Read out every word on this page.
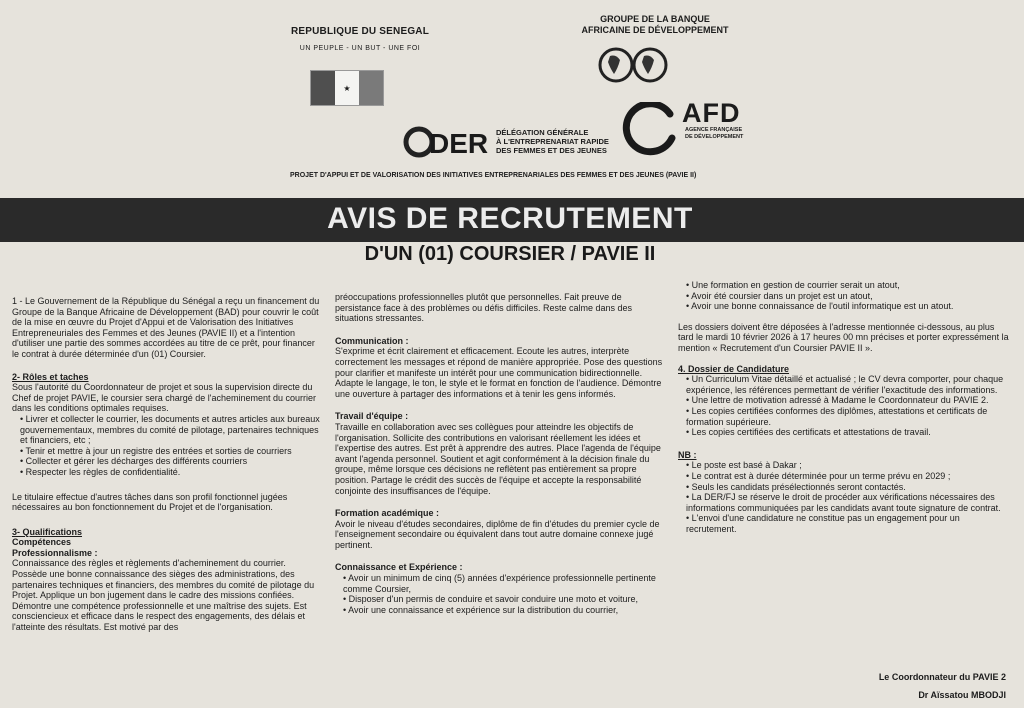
REPUBLIQUE DU SENEGAL
UN PEUPLE - UN BUT - UNE FOI
★
GROUPE DE LA BANQUE
AFRICAINE DE DÉVELOPPEMENT
DER DÉLÉGATION GÉNÉRALE
À L'ENTREPRENARIAT RAPIDE
DES FEMMES ET DES JEUNES
AFD
AGENCE FRANÇAISE
DE DÉVELOPPEMENT
PROJET D'APPUI ET DE VALORISATION DES INITIATIVES ENTREPRENARIALES DES FEMMES ET DES JEUNES (PAVIE II)
AVIS DE RECRUTEMENT
D'UN (01) COURSIER / PAVIE II

1 - Le Gouvernement de la République du Sénégal a reçu un financement du Groupe de la Banque Africaine de Développement (BAD) pour couvrir le coût de la mise en œuvre du Projet d'Appui et de Valorisation des Initiatives Entrepreneuriales des Femmes et des Jeunes (PAVIE II) et a l'intention d'utiliser une partie des sommes accordées au titre de ce prêt, pour financer le contrat à durée déterminée d'un (01) Coursier.

2- Rôles et taches

Sous l'autorité du Coordonnateur de projet et sous la supervision directe du Chef de projet PAVIE, le coursier sera chargé de l'acheminement du courrier dans les conditions optimales requises.

• Livrer et collecter le courrier, les documents et autres articles aux bureaux gouvernementaux, membres du comité de pilotage, partenaires techniques et financiers, etc ;

• Tenir et mettre à jour un registre des entrées et sorties de courriers

• Collecter et gérer les décharges des différents courriers

• Respecter les règles de confidentialité.

Le titulaire effectue d'autres tâches dans son profil fonctionnel jugées nécessaires au bon fonctionnement du Projet et de l'organisation.

3- Qualifications

Compétences

Professionnalisme :

Connaissance des règles et règlements d'acheminement du courrier. Possède une bonne connaissance des sièges des administrations, des partenaires techniques et financiers, des membres du comité de pilotage du Projet. Applique un bon jugement dans le cadre des missions confiées. Démontre une compétence professionnelle et une maîtrise des sujets. Est consciencieux et efficace dans le respect des engagements, des délais et l'atteinte des résultats. Est motivé par des

préoccupations professionnelles plutôt que personnelles. Fait preuve de persistance face à des problèmes ou défis difficiles. Reste calme dans des situations stressantes.

Communication :

S'exprime et écrit clairement et efficacement. Ecoute les autres, interprète correctement les messages et répond de manière appropriée. Pose des questions pour clarifier et manifeste un intérêt pour une communication bidirectionnelle. Adapte le langage, le ton, le style et le format en fonction de l'audience. Démontre une ouverture à partager des informations et à tenir les gens informés.

Travail d'équipe :

Travaille en collaboration avec ses collègues pour atteindre les objectifs de l'organisation. Sollicite des contributions en valorisant réellement les idées et l'expertise des autres. Est prêt à apprendre des autres. Place l'agenda de l'équipe avant l'agenda personnel. Soutient et agit conformément à la décision finale du groupe, même lorsque ces décisions ne reflètent pas entièrement sa propre position. Partage le crédit des succès de l'équipe et accepte la responsabilité conjointe des insuffisances de l'équipe.

Formation académique :

Avoir le niveau d'études secondaires, diplôme de fin d'études du premier cycle de l'enseignement secondaire ou équivalent dans tout autre domaine connexe jugé pertinent.

Connaissance et Expérience :

• Avoir un minimum de cinq (5) années d'expérience professionnelle pertinente comme Coursier,

• Disposer d'un permis de conduire et savoir conduire une moto et voiture,

• Avoir une connaissance et expérience sur la distribution du courrier,

• Une formation en gestion de courrier serait un atout,

• Avoir été coursier dans un projet est un atout,

• Avoir une bonne connaissance de l'outil informatique est un atout.

Les dossiers doivent être déposées à l'adresse mentionnée ci-dessous, au plus tard le mardi 10 février 2026 à 17 heures 00 mn précises et porter expressément la mention « Recrutement d'un Coursier PAVIE II ».

4. Dossier de Candidature

• Un Curriculum Vitae détaillé et actualisé ; le CV devra comporter, pour chaque expérience, les références permettant de vérifier l'exactitude des informations.

• Une lettre de motivation adressé à Madame le Coordonnateur du PAVIE 2.

• Les copies certifiées conformes des diplômes, attestations et certificats de formation supérieure.

• Les copies certifiées des certificats et attestations de travail.

NB :

• Le poste est basé à Dakar ;

• Le contrat est à durée déterminée pour un terme prévu en 2029 ;

• Seuls les candidats présélectionnés seront contactés.

• La DER/FJ se réserve le droit de procéder aux vérifications nécessaires des informations communiquées par les candidats avant toute signature de contrat.

• L'envoi d'une candidature ne constitue pas un engagement pour un recrutement.

Le Coordonnateur du PAVIE 2
Dr Aïssatou MBODJI
